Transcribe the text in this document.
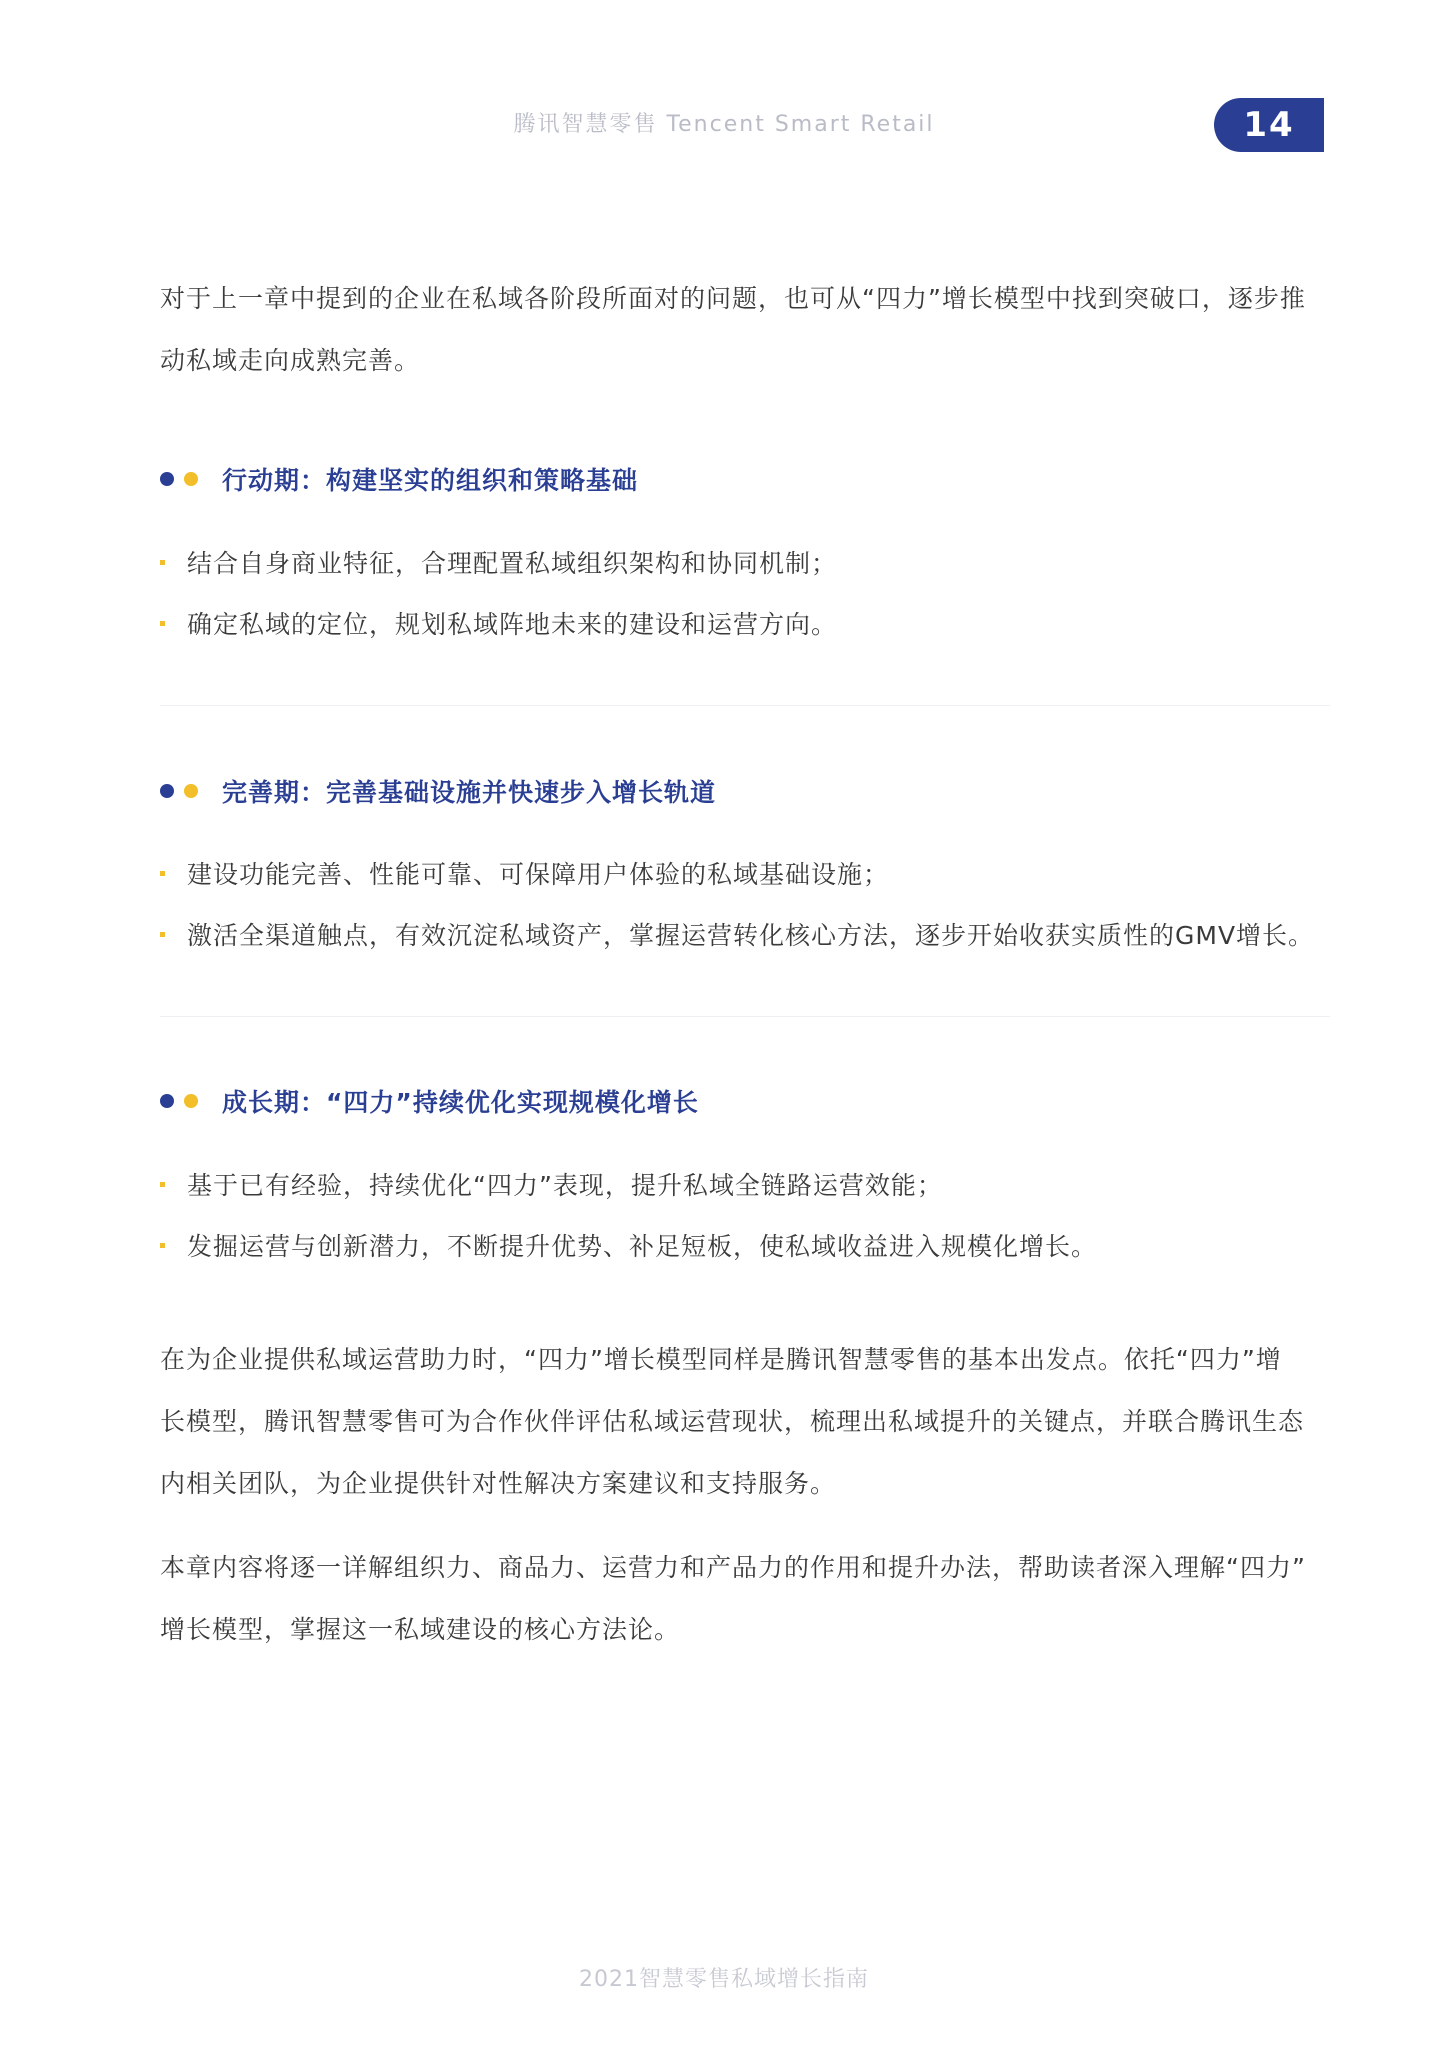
腾讯智慧零售 Tencent Smart Retail	14

对于上一章中提到的企业在私域各阶段所面对的问题，也可从“四力”增长模型中找到突破口，逐步推
动私域走向成熟完善。

行动期：构建坚实的组织和策略基础
结合自身商业特征，合理配置私域组织架构和协同机制；
确定私域的定位，规划私域阵地未来的建设和运营方向。
完善期：完善基础设施并快速步入增长轨道
建设功能完善、性能可靠、可保障用户体验的私域基础设施；
激活全渠道触点，有效沉淀私域资产，掌握运营转化核心方法，逐步开始收获实质性的GMV增长。
成长期：“四力”持续优化实现规模化增长
基于已有经验，持续优化“四力”表现，提升私域全链路运营效能；
发掘运营与创新潜力，不断提升优势、补足短板，使私域收益进入规模化增长。

在为企业提供私域运营助力时，“四力”增长模型同样是腾讯智慧零售的基本出发点。依托“四力”增
长模型，腾讯智慧零售可为合作伙伴评估私域运营现状，梳理出私域提升的关键点，并联合腾讯生态
内相关团队，为企业提供针对性解决方案建议和支持服务。

本章内容将逐一详解组织力、商品力、运营力和产品力的作用和提升办法，帮助读者深入理解“四力”
增长模型，掌握这一私域建设的核心方法论。

2021智慧零售私域增长指南
